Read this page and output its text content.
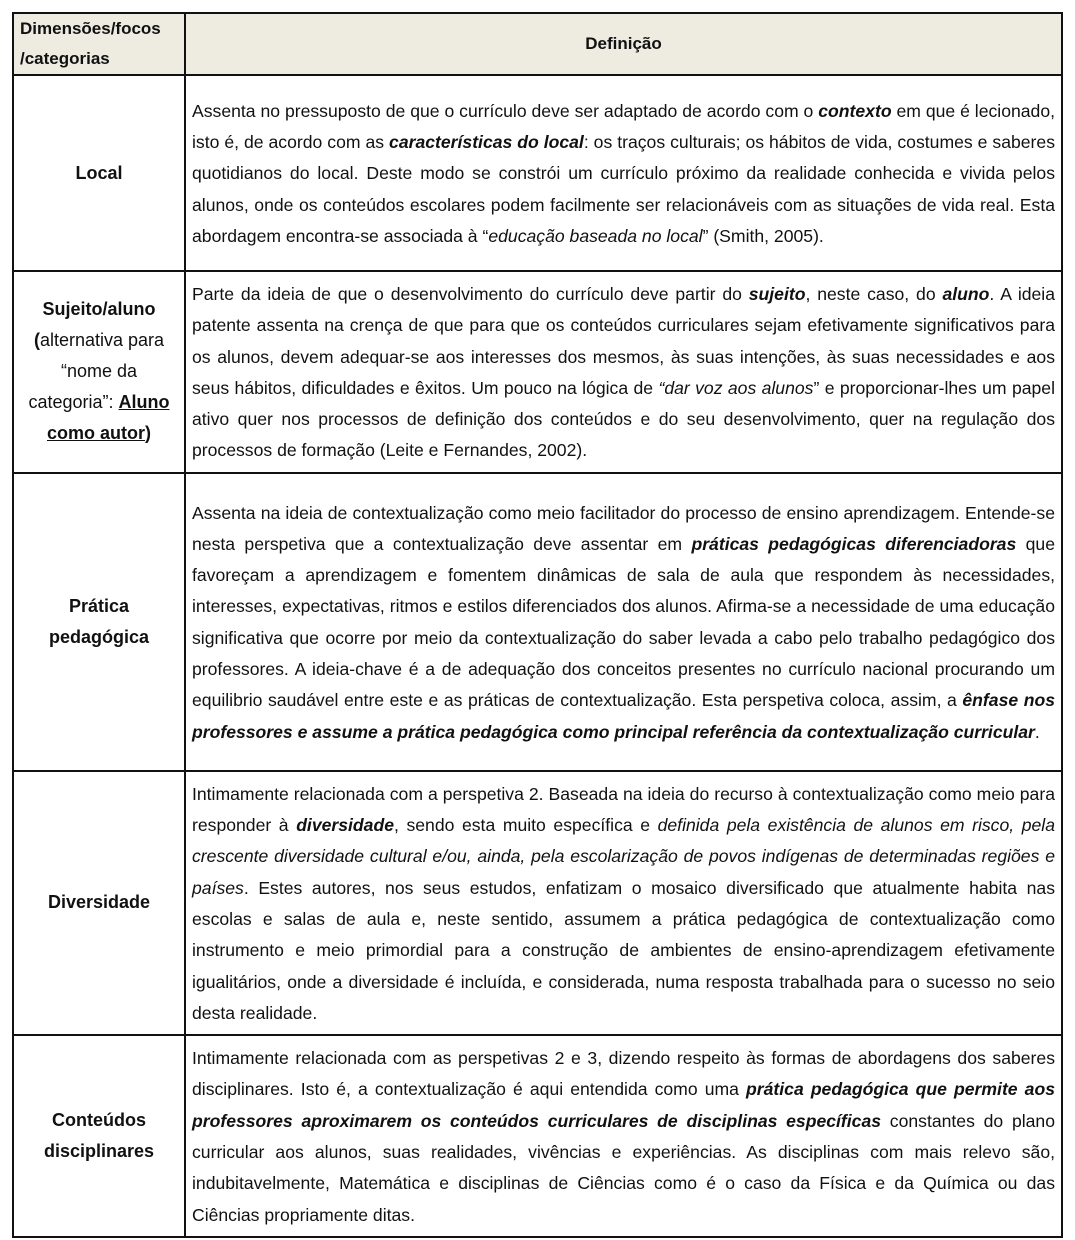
Dimensões/focos
/categorias	Definição
Local	Assenta no pressuposto de que o currículo deve ser adaptado de acordo com o contexto em que é lecionado, isto é, de acordo com as características do local: os traços culturais; os hábitos de vida, costumes e saberes quotidianos do local. Deste modo se constrói um currículo próximo da realidade conhecida e vivida pelos alunos, onde os conteúdos escolares podem facilmente ser relacionáveis com as situações de vida real. Esta abordagem encontra-se associada à “educação baseada no local” (Smith, 2005).
Sujeito/aluno (alternativa para “nome da categoria”: Aluno como autor)	Parte da ideia de que o desenvolvimento do currículo deve partir do sujeito, neste caso, do aluno. A ideia patente assenta na crença de que para que os conteúdos curriculares sejam efetivamente significativos para os alunos, devem adequar-se aos interesses dos mesmos, às suas intenções, às suas necessidades e aos seus hábitos, dificuldades e êxitos. Um pouco na lógica de “dar voz aos alunos” e proporcionar-lhes um papel ativo quer nos processos de definição dos conteúdos e do seu desenvolvimento, quer na regulação dos processos de formação (Leite e Fernandes, 2002).
Prática pedagógica	Assenta na ideia de contextualização como meio facilitador do processo de ensino aprendizagem. Entende-se nesta perspetiva que a contextualização deve assentar em práticas pedagógicas diferenciadoras que favoreçam a aprendizagem e fomentem dinâmicas de sala de aula que respondem às necessidades, interesses, expectativas, ritmos e estilos diferenciados dos alunos. Afirma-se a necessidade de uma educação significativa que ocorre por meio da contextualização do saber levada a cabo pelo trabalho pedagógico dos professores. A ideia-chave é a de adequação dos conceitos presentes no currículo nacional procurando um equilibrio saudável entre este e as práticas de contextualização. Esta perspetiva coloca, assim, a ênfase nos professores e assume a prática pedagógica como principal referência da contextualização curricular.
Diversidade	Intimamente relacionada com a perspetiva 2. Baseada na ideia do recurso à contextualização como meio para responder à diversidade, sendo esta muito específica e definida pela existência de alunos em risco, pela crescente diversidade cultural e/ou, ainda, pela escolarização de povos indígenas de determinadas regiões e países. Estes autores, nos seus estudos, enfatizam o mosaico diversificado que atualmente habita nas escolas e salas de aula e, neste sentido, assumem a prática pedagógica de contextualização como instrumento e meio primordial para a construção de ambientes de ensino-aprendizagem efetivamente igualitários, onde a diversidade é incluída, e considerada, numa resposta trabalhada para o sucesso no seio desta realidade.
Conteúdos disciplinares	Intimamente relacionada com as perspetivas 2 e 3, dizendo respeito às formas de abordagens dos saberes disciplinares. Isto é, a contextualização é aqui entendida como uma prática pedagógica que permite aos professores aproximarem os conteúdos curriculares de disciplinas específicas constantes do plano curricular aos alunos, suas realidades, vivências e experiências. As disciplinas com mais relevo são, indubitavelmente, Matemática e disciplinas de Ciências como é o caso da Física e da Química ou das Ciências propriamente ditas.
